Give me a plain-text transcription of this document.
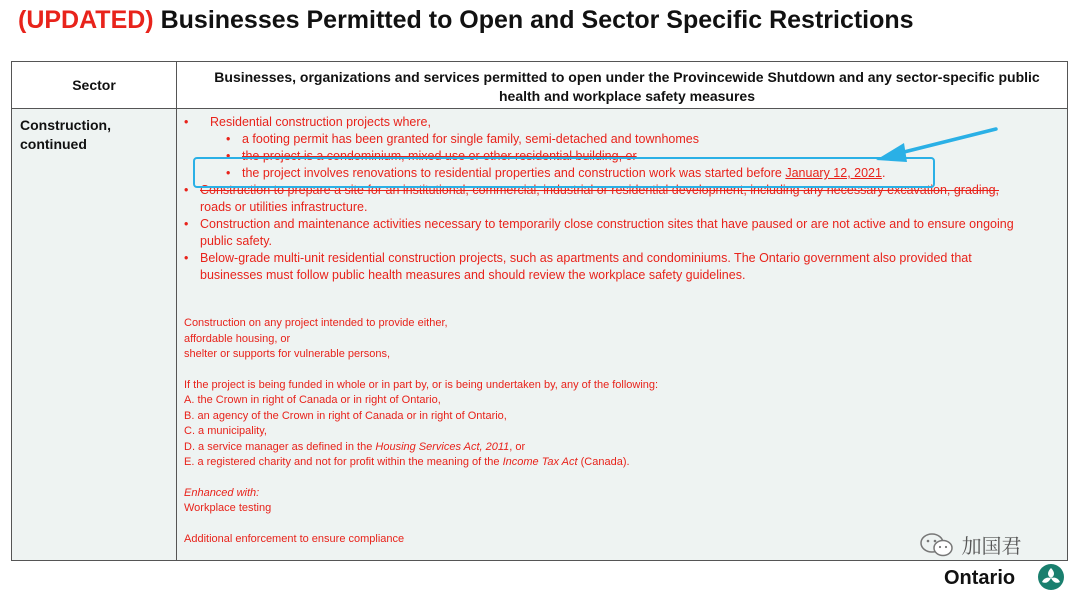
(UPDATED) Businesses Permitted to Open and Sector Specific Restrictions
Sector	Businesses, organizations and services permitted to open under the Provincewide Shutdown and any sector-specific public
health and workplace safety measures
Construction,
continued
• Residential construction projects where,
• a footing permit has been granted for single family, semi-detached and townhomes
• the project is a condominium, mixed use or other residential building, or
• the project involves renovations to residential properties and construction work was started before January 12, 2021.
• Construction to prepare a site for an institutional, commercial, industrial or residential development, including any necessary excavation, grading,
roads or utilities infrastructure.
• Construction and maintenance activities necessary to temporarily close construction sites that have paused or are not active and to ensure ongoing
public safety.
• Below-grade multi-unit residential construction projects, such as apartments and condominiums. The Ontario government also provided that
businesses must follow public health measures and should review the workplace safety guidelines.
Construction on any project intended to provide either,
affordable housing, or
shelter or supports for vulnerable persons,
If the project is being funded in whole or in part by, or is being undertaken by, any of the following:
A. the Crown in right of Canada or in right of Ontario,
B. an agency of the Crown in right of Canada or in right of Ontario,
C. a municipality,
D. a service manager as defined in the Housing Services Act, 2011, or
E. a registered charity and not for profit within the meaning of the Income Tax Act (Canada).
Enhanced with:
Workplace testing
Additional enforcement to ensure compliance	加国君
Ontario
